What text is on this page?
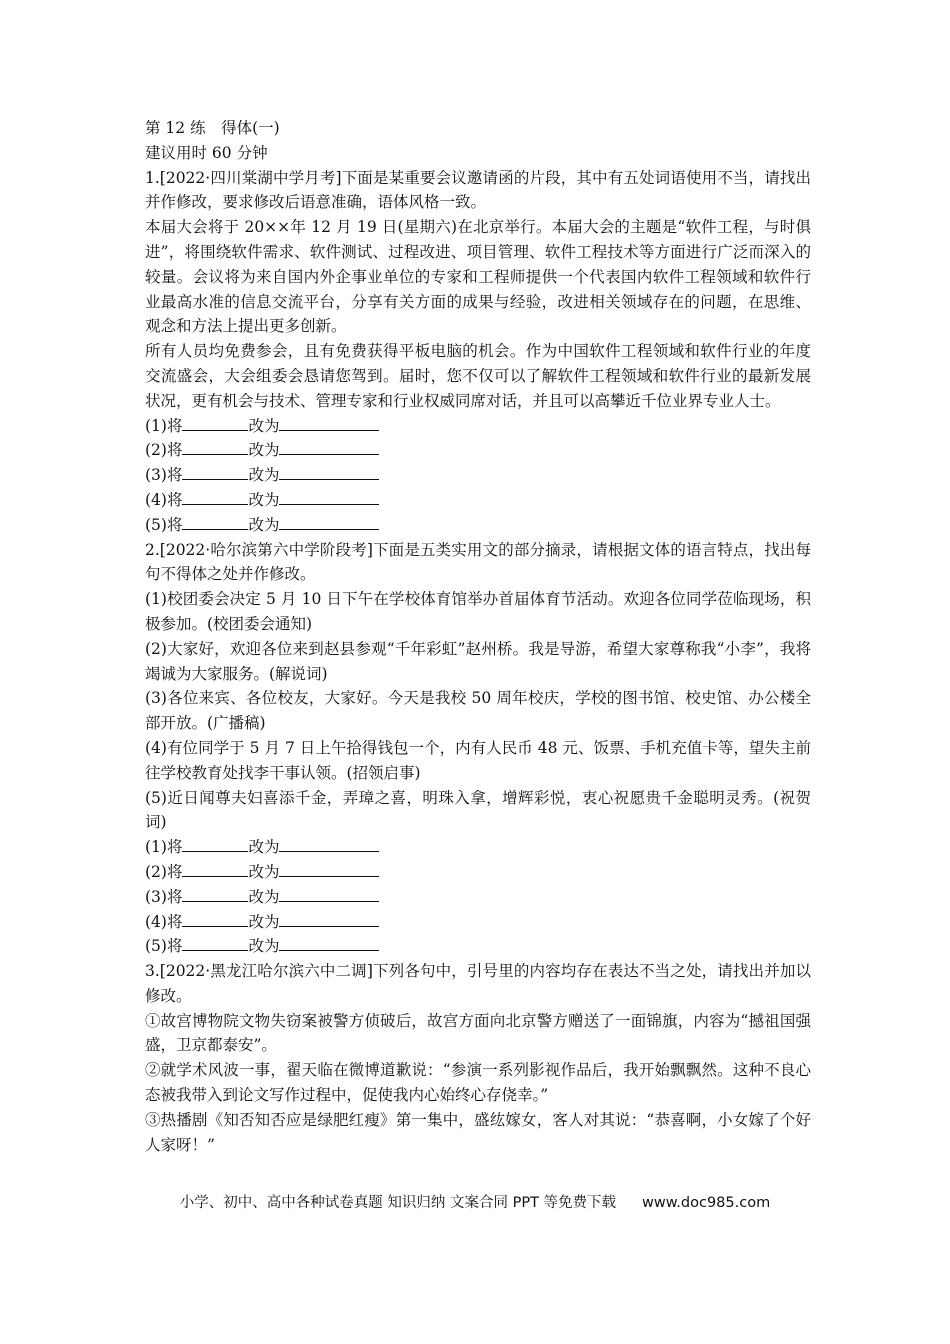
第 12 练　得体(一)
建议用时 60 分钟
1.[2022·四川棠湖中学月考]下面是某重要会议邀请函的片段，其中有五处词语使用不当，请找出并作修改，要求修改后语意准确，语体风格一致。
本届大会将于 20××年 12 月 19 日(星期六)在北京举行。本届大会的主题是“软件工程，与时俱进”，将围绕软件需求、软件测试、过程改进、项目管理、软件工程技术等方面进行广泛而深入的较量。会议将为来自国内外企事业单位的专家和工程师提供一个代表国内软件工程领域和软件行业最高水准的信息交流平台，分享有关方面的成果与经验，改进相关领域存在的问题，在思维、观念和方法上提出更多创新。
所有人员均免费参会，且有免费获得平板电脑的机会。作为中国软件工程领域和软件行业的年度交流盛会，大会组委会恳请您驾到。届时，您不仅可以了解软件工程领域和软件行业的最新发展状况，更有机会与技术、管理专家和行业权威同席对话，并且可以高攀近千位业界专业人士。
(1)将	改为
(2)将	改为
(3)将	改为
(4)将	改为
(5)将	改为
2.[2022·哈尔滨第六中学阶段考]下面是五类实用文的部分摘录，请根据文体的语言特点，找出每句不得体之处并作修改。
(1)校团委会决定 5 月 10 日下午在学校体育馆举办首届体育节活动。欢迎各位同学莅临现场，积极参加。(校团委会通知)
(2)大家好，欢迎各位来到赵县参观“千年彩虹”赵州桥。我是导游，希望大家尊称我“小李”，我将竭诚为大家服务。(解说词)
(3)各位来宾、各位校友，大家好。今天是我校 50 周年校庆，学校的图书馆、校史馆、办公楼全部开放。(广播稿)
(4)有位同学于 5 月 7 日上午拾得钱包一个，内有人民币 48 元、饭票、手机充值卡等，望失主前往学校教育处找李干事认领。(招领启事)
(5)近日闻尊夫妇喜添千金，弄璋之喜，明珠入拿，增辉彩悦，衷心祝愿贵千金聪明灵秀。(祝贺词)
(1)将	改为
(2)将	改为
(3)将	改为
(4)将	改为
(5)将	改为
3.[2022·黑龙江哈尔滨六中二调]下列各句中，引号里的内容均存在表达不当之处，请找出并加以修改。
①故宫博物院文物失窃案被警方侦破后，故宫方面向北京警方赠送了一面锦旗，内容为“撼祖国强盛，卫京都泰安”。
②就学术风波一事，翟天临在微博道歉说：“参演一系列影视作品后，我开始飘飘然。这种不良心态被我带入到论文写作过程中，促使我内心始终心存侥幸。”
③热播剧《知否知否应是绿肥红瘦》第一集中，盛纮嫁女，客人对其说：“恭喜啊，小女嫁了个好人家呀！”
小学、初中、高中各种试卷真题 知识归纳 文案合同 PPT 等免费下载 www.doc985.com
